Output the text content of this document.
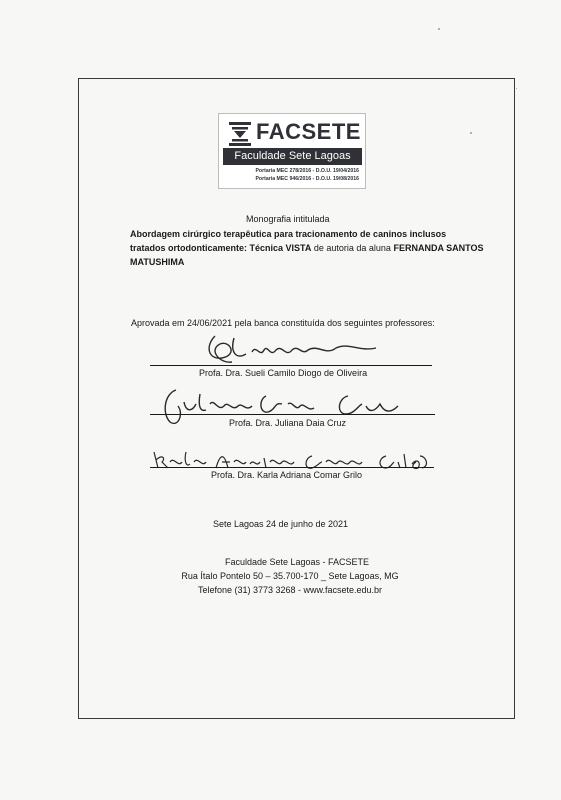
FACSETE
Faculdade Sete Lagoas
Portaria MEC 278/2016 - D.O.U. 19/04/2016
Portaria MEC 946/2016 - D.O.U. 19/08/2016
Monografia intitulada
Abordagem cirúrgico terapêutica para tracionamento de caninos inclusos
tratados ortodonticamente: Técnica VISTA de autoria da aluna FERNANDA SANTOS
MATUSHIMA
Aprovada em 24/06/2021 pela banca constituída dos seguintes professores:
Profa. Dra. Sueli Camilo Diogo de Oliveira
Profa. Dra. Juliana Daia Cruz
Profa. Dra. Karla Adriana Comar Grilo
Sete Lagoas 24 de junho de 2021
Faculdade Sete Lagoas - FACSETE
Rua Ítalo Pontelo 50 – 35.700-170 _ Sete Lagoas, MG
Telefone (31) 3773 3268 - www.facsete.edu.br
